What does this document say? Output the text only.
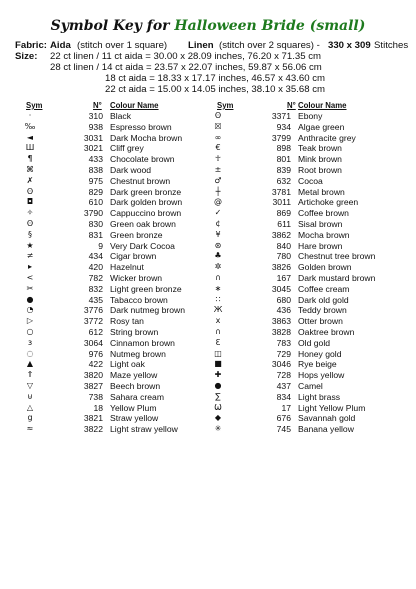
Symbol Key for Halloween Bride (small)
Fabric: Aida (stitch over 1 square) Linen (stitch over 2 squares) - 330 x 309 Stitches
Size: 22 ct linen / 11 ct aida = 30.00 x 28.09 inches, 76.20 x 71.35 cm
28 ct linen / 14 ct aida = 23.57 x 22.07 inches, 59.87 x 56.06 cm
18 ct aida = 18.33 x 17.17 inches, 46.57 x 43.60 cm
22 ct aida = 15.00 x 14.05 inches, 38.10 x 35.68 cm
Sym	N° Colour Name	Sym	N° Colour Name
·	310 Black
‰	938 Espresso brown
◄	3031 Dark Mocha brown
Ш	3021 Cliff grey
¶	433 Chocolate brown
⌘	838 Dark wood
✗	975 Chestnut brown
ʘ	829 Dark green bronze
◘	610 Dark golden brown
✧	3790 Cappuccino brown
ʘ	830 Green oak brown
§	831 Green bronze
★	9 Very Dark Cocoa
≠	434 Cigar brown
▸	420 Hazelnut
<	782 Wicker brown
✂	832 Light green bronze
●	435 Tabacco brown
◔	3776 Dark nutmeg brown
▷	3772 Rosy tan
○	612 String brown
ɜ	3064 Cinnamon brown
◌	976 Nutmeg brown
▲	422 Light oak
⇑	3820 Maze yellow
▽	3827 Beech brown
⊍	738 Sahara cream
△	18 Yellow Plum
g	3821 Straw yellow
≈	3822 Light straw yellow
ʘ	3371 Ebony
☒	934 Algae green
∞	3799 Anthracite grey
€	898 Teak brown
☥	801 Mink brown
±	839 Root brown
♂	632 Cocoa
┼	3781 Metal brown
@	3011 Artichoke green
✓	869 Coffee brown
¢	611 Sisal brown
¥	3862 Mocha brown
⊛	840 Hare brown
♣	780 Chestnut tree brown
✲	3826 Golden brown
∩	167 Dark mustard brown
∗	3045 Coffee cream
∷	680 Dark old gold
Ж	436 Teddy brown
x	3863 Otter brown
∩	3828 Oaktree brown
Ɛ	783 Old gold
◫	729 Honey gold
■	3046 Rye beige
✚	728 Hops yellow
●	437 Camel
∑	834 Light brass
Ѡ	17 Light Yellow Plum
◆	676 Savannah gold
✳	745 Banana yellow
